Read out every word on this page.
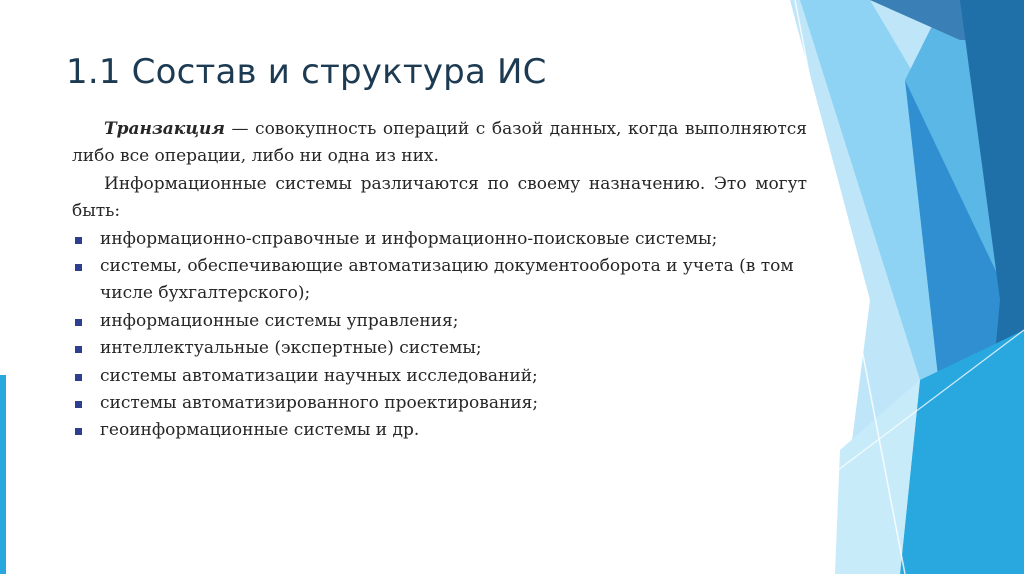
1.1 Состав и структура ИС

Транзакция — совокупность операций с базой данных, когда выполняются либо все операции, либо ни одна из них.

Информационные системы различаются по своему назначению. Это могут быть:

информационно-справочные и информационно-поисковые системы;
системы, обеспечивающие автоматизацию документооборота и учета (в том числе бухгалтерского);
информационные системы управления;
интеллектуальные (экспертные) системы;
системы автоматизации научных исследований;
системы автоматизированного проектирования;
геоинформационные системы и др.
